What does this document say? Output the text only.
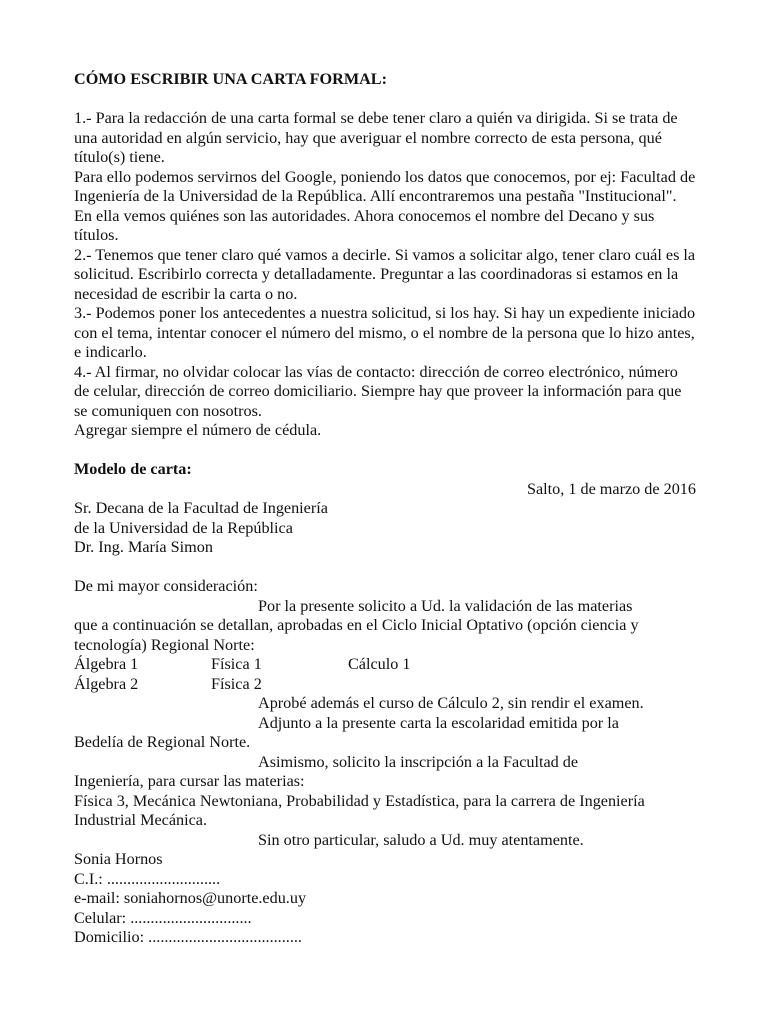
CÓMO ESCRIBIR UNA CARTA FORMAL:

1.- Para la redacción de una carta formal se debe tener claro a quién va dirigida. Si se trata de una autoridad en algún servicio, hay que averiguar el nombre correcto de esta persona, qué título(s) tiene.

Para ello podemos servirnos del Google, poniendo los datos que conocemos, por ej: Facultad de Ingeniería de la Universidad de la República. Allí encontraremos una pestaña "Institucional". En ella vemos quiénes son las autoridades. Ahora conocemos el nombre del Decano y sus títulos.

2.- Tenemos que tener claro qué vamos a decirle. Si vamos a solicitar algo, tener claro cuál es la solicitud. Escribirlo correcta y detalladamente. Preguntar a las coordinadoras si estamos en la necesidad de escribir la carta o no.

3.- Podemos poner los antecedentes a nuestra solicitud, si los hay. Si hay un expediente iniciado con el tema, intentar conocer el número del mismo, o el nombre de la persona que lo hizo antes, e indicarlo.

4.- Al firmar, no olvidar colocar las vías de contacto: dirección de correo electrónico, número de celular, dirección de correo domiciliario. Siempre hay que proveer la información para que se comuniquen con nosotros.

Agregar siempre el número de cédula.

Modelo de carta:

Salto, 1 de marzo de 2016

Sr. Decana de la Facultad de Ingeniería

de la Universidad de la República

Dr. Ing. María Simon

De mi mayor consideración:

Por la presente solicito a Ud. la validación de las materias

que a continuación se detallan, aprobadas en el Ciclo Inicial Optativo (opción ciencia y tecnología) Regional Norte:

Álgebra 1	Física 1	Cálculo 1
Álgebra 2	Física 2

Aprobé además el curso de Cálculo 2, sin rendir el examen.

Adjunto a la presente carta la escolaridad emitida por la

Bedelía de Regional Norte.

Asimismo, solicito la inscripción a la Facultad de

Ingeniería, para cursar las materias:

Física 3, Mecánica Newtoniana, Probabilidad y Estadística, para la carrera de Ingeniería Industrial Mecánica.

Sin otro particular, saludo a Ud. muy atentamente.

Sonia Hornos

C.I.: ............................

e-mail: soniahornos@unorte.edu.uy

Celular: ..............................

Domicilio: ......................................
